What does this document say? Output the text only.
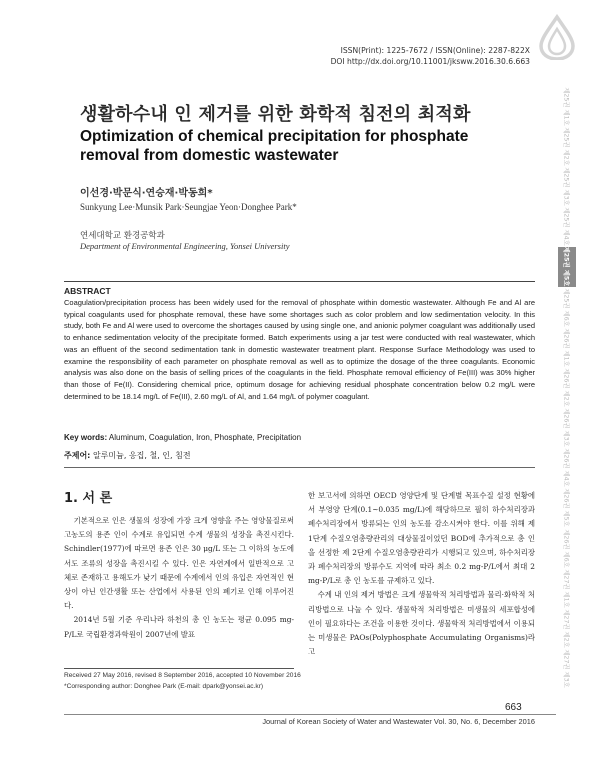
ISSN(Print): 1225-7672 / ISSN(Online): 2287-822X
DOI http://dx.doi.org/10.11001/jksww.2016.30.6.663
생활하수내 인 제거를 위한 화학적 침전의 최적화
Optimization of chemical precipitation for phosphate removal from domestic wastewater
이선경·박문식·연승재·박동희*
Sunkyung Lee·Munsik Park·Seungjae Yeon·Donghee Park*
연세대학교 환경공학과
Department of Environmental Engineering, Yonsei University
ABSTRACT
Coagulation/precipitation process has been widely used for the removal of phosphate within domestic wastewater. Although Fe and Al are typical coagulants used for phosphate removal, these have some shortages such as color problem and low sedimentation velocity. In this study, both Fe and Al were used to overcome the shortages caused by using single one, and anionic polymer coagulant was additionally used to enhance sedimentation velocity of the precipitate formed. Batch experiments using a jar test were conducted with real wastewater, which was an effluent of the second sedimentation tank in domestic wastewater treatment plant. Response Surface Methodology was used to examine the responsibility of each parameter on phosphate removal as well as to optimize the dosage of the three coagulants. Economic analysis was also done on the basis of selling prices of the coagulants in the field. Phosphate removal efficiency of Fe(III) was 30% higher than those of Fe(II). Considering chemical price, optimum dosage for achieving residual phosphate concentration below 0.2 mg/L were determined to be 18.14 mg/L of Fe(III), 2.60 mg/L of Al, and 1.64 mg/L of polymer coagulant.
Key words: Aluminum, Coagulation, Iron, Phosphate, Precipitation
주제어: 알루미늄, 응집, 철, 인, 침전
1. 서 론

기본적으로 인은 생물의 성장에 가장 크게 영향을 주는 영양물질로써 고농도의 용존 인이 수계로 유입되면 수계 생물의 성장을 촉진시킨다. Schindler(1977)에 따르면 용존 인은 30 μg/L 또는 그 이하의 농도에서도 조류의 성장을 촉진시킬 수 있다. 인은 자연계에서 일반적으로 고체로 존재하고 용해도가 낮기 때문에 수계에서 인의 유입은 자연적인 현상이 아닌 인간생활 또는 산업에서 사용된 인의 폐기로 인해 이루어진다.

2014년 5월 기준 우리나라 하천의 총 인 농도는 평균 0.095 mg-P/L로 국립환경과학원이 2007년에 발표

한 보고서에 의하면 OECD 영양단계 및 단계별 목표수질 설정 현황에서 부영양 단계(0.1~0.035 mg/L)에 해당하므로 필히 하수처리장과 폐수처리장에서 방류되는 인의 농도를 감소시켜야 한다. 이를 위해 제 1단계 수질오염총량관리의 대상물질이었던 BOD에 추가적으로 총 인을 선정한 제 2단계 수질오염총량관리가 시행되고 있으며, 하수처리장과 폐수처리장의 방류수도 지역에 따라 최소 0.2 mg-P/L에서 최대 2 mg-P/L로 총 인 농도를 규제하고 있다.

수계 내 인의 제거 방법은 크게 생물학적 처리방법과 물리·화학적 처리방법으로 나눌 수 있다. 생물학적 처리방법은 미생물의 세포합성에 인이 필요하다는 조건을 이용한 것이다. 생물학적 처리방법에서 이용되는 미생물은 PAOs(Polyphosphate Accumulating Organisms)라고

Received 27 May 2016, revised 8 September 2016, accepted 10 November 2016
*Corresponding author: Donghee Park (E-mail: dpark@yonsei.ac.kr)
663
Journal of Korean Society of Water and Wastewater Vol. 30, No. 6, December 2016
제25권 제1호
제25권 제2호
제25권 제3호
제25권 제4호
제25권 제5호
제25권 제6호
제26권 제1호
제26권 제2호
제26권 제3호
제26권 제4호
제26권 제5호
제26권 제6호
제27권 제1호
제27권 제2호
제27권 제3호
